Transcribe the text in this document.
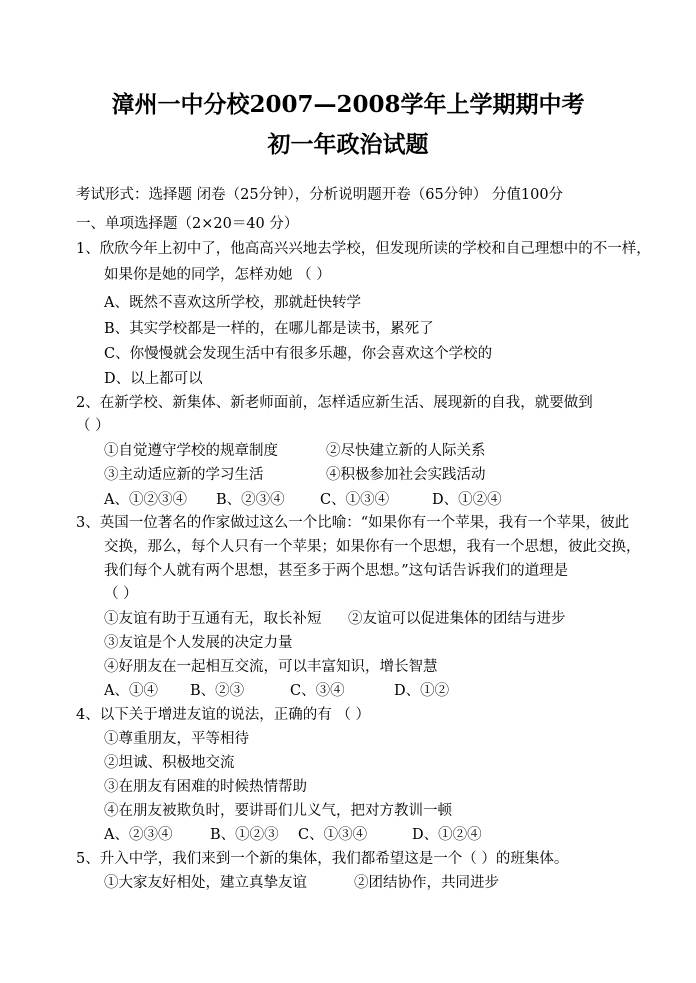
漳州一中分校2007—2008学年上学期期中考
初一年政治试题
考试形式：选择题 闭卷（25分钟），分析说明题开卷（65分钟） 分值100分
一、单项选择题（2×20＝40 分）
1、欣欣今年上初中了，他高高兴兴地去学校，但发现所读的学校和自己理想中的不一样，
如果你是她的同学，怎样劝她 （ ）
A、既然不喜欢这所学校，那就赶快转学
B、其实学校都是一样的，在哪儿都是读书，累死了
C、你慢慢就会发现生活中有很多乐趣，你会喜欢这个学校的
D、以上都可以
2、在新学校、新集体、新老师面前，怎样适应新生活、展现新的自我，就要做到
（ ）
①自觉遵守学校的规章制度	②尽快建立新的人际关系
③主动适应新的学习生活	④积极参加社会实践活动
A、①②③④ B、②③④ C、①③④	D、①②④
3、英国一位著名的作家做过这么一个比喻：“如果你有一个苹果，我有一个苹果，彼此
交换，那么，每个人只有一个苹果；如果你有一个思想，我有一个思想，彼此交换，
我们每个人就有两个思想，甚至多于两个思想。”这句话告诉我们的道理是
（ ）
①友谊有助于互通有无，取长补短 ②友谊可以促进集体的团结与进步
③友谊是个人发展的决定力量
④好朋友在一起相互交流，可以丰富知识，增长智慧
A、①④ B、②③	C、③④	D、①②
4、以下关于增进友谊的说法，正确的有 （ ）
①尊重朋友，平等相待
②坦诚、积极地交流
③在朋友有困难的时候热情帮助
④在朋友被欺负时，要讲哥们儿义气，把对方教训一顿
A、②③④	B、①②③ C、①③④	D、①②④
5、升入中学，我们来到一个新的集体，我们都希望这是一个（ ）的班集体。
①大家友好相处，建立真挚友谊	②团结协作，共同进步
